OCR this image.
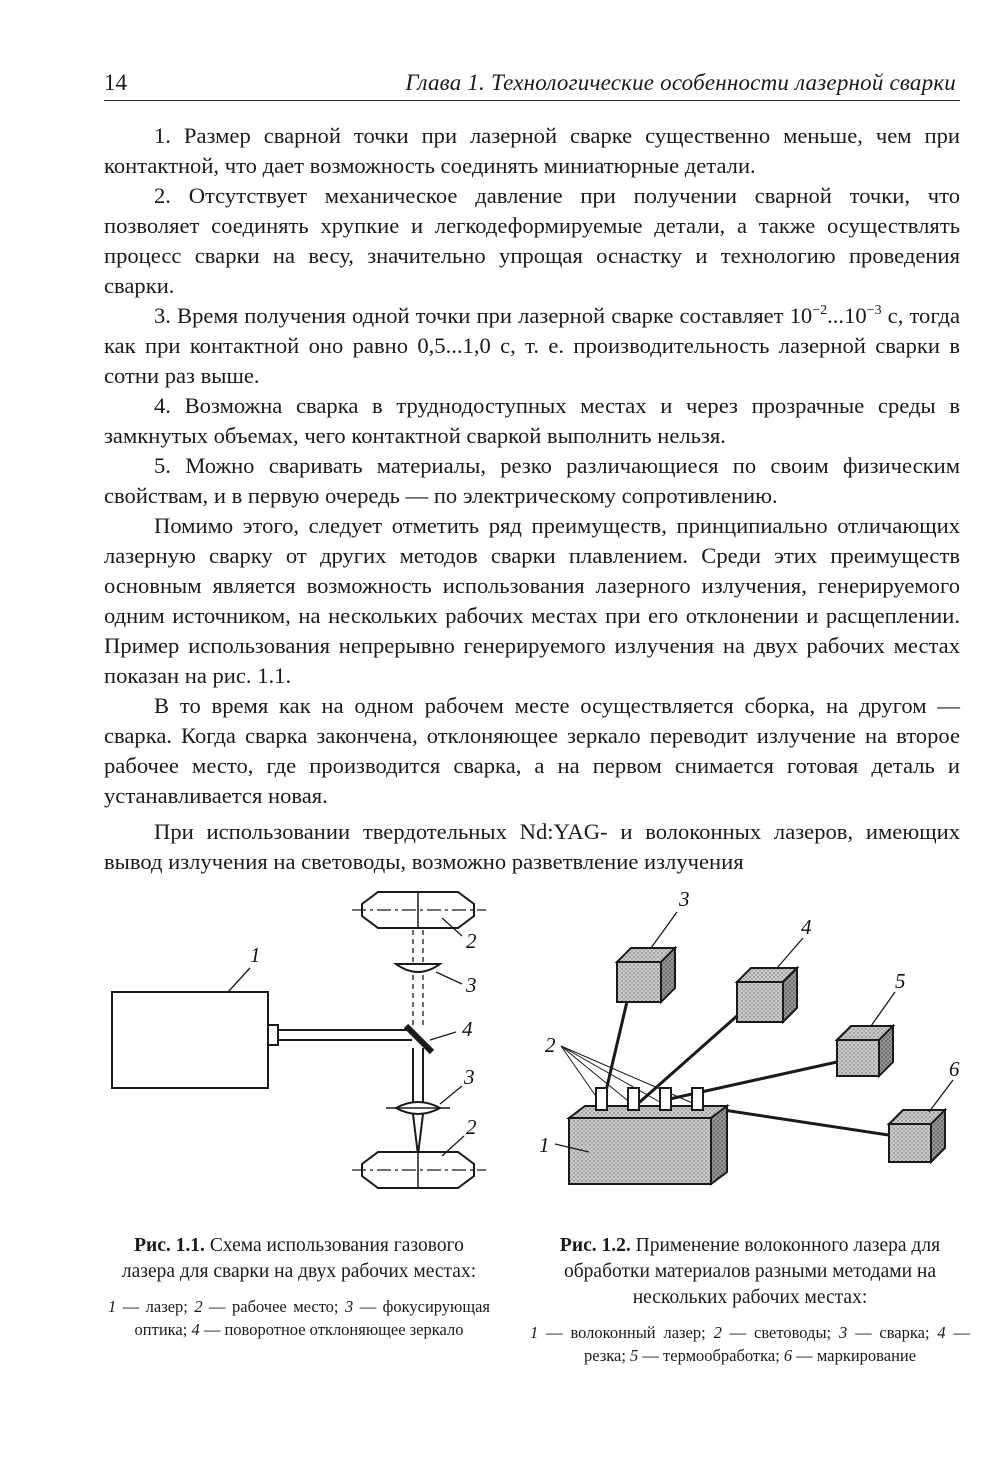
14	Глава 1. Технологические особенности лазерной сварки

1. Размер сварной точки при лазерной сварке существенно меньше, чем при контактной, что дает возможность соединять миниатюрные детали.

2. Отсутствует механическое давление при получении сварной точки, что позволяет соединять хрупкие и легкодеформируемые детали, а также осуществлять процесс сварки на весу, значительно упрощая оснастку и технологию проведения сварки.

3. Время получения одной точки при лазерной сварке составляет $10^{-2}...10^{-3}$ с, тогда как при контактной оно равно 0,5...1,0 с, т. е. производительность лазерной сварки в сотни раз выше.

4. Возможна сварка в труднодоступных местах и через прозрачные среды в замкнутых объемах, чего контактной сваркой выполнить нельзя.

5. Можно сваривать материалы, резко различающиеся по своим физическим свойствам, и в первую очередь — по электрическому сопротивлению.

Помимо этого, следует отметить ряд преимуществ, принципиально отличающих лазерную сварку от других методов сварки плавлением. Среди этих преимуществ основным является возможность использования лазерного излучения, генерируемого одним источником, на нескольких рабочих местах при его отклонении и расщеплении. Пример использования непрерывно генерируемого излучения на двух рабочих местах показан на рис. 1.1.

В то время как на одном рабочем месте осуществляется сборка, на другом — сварка. Когда сварка закончена, отклоняющее зеркало переводит излучение на второе рабочее место, где производится сварка, а на первом снимается готовая деталь и устанавливается новая.

При использовании твердотельных Nd:YAG- и волоконных лазеров, имеющих вывод излучения на световоды, возможно разветвление излучения

1
2
3
4
3
2
3
4
5
6
2
1
Рис. 1.1. Схема использования газового лазера для сварки на двух рабочих местах:
1 — лазер; 2 — рабочее место; 3 — фокусирующая оптика; 4 — поворотное отклоняющее зеркало
Рис. 1.2. Применение волоконного лазера для обработки материалов разными методами на нескольких рабочих местах:
1 — волоконный лазер; 2 — световоды; 3 — сварка; 4 — резка; 5 — термообработка; 6 — маркирование
